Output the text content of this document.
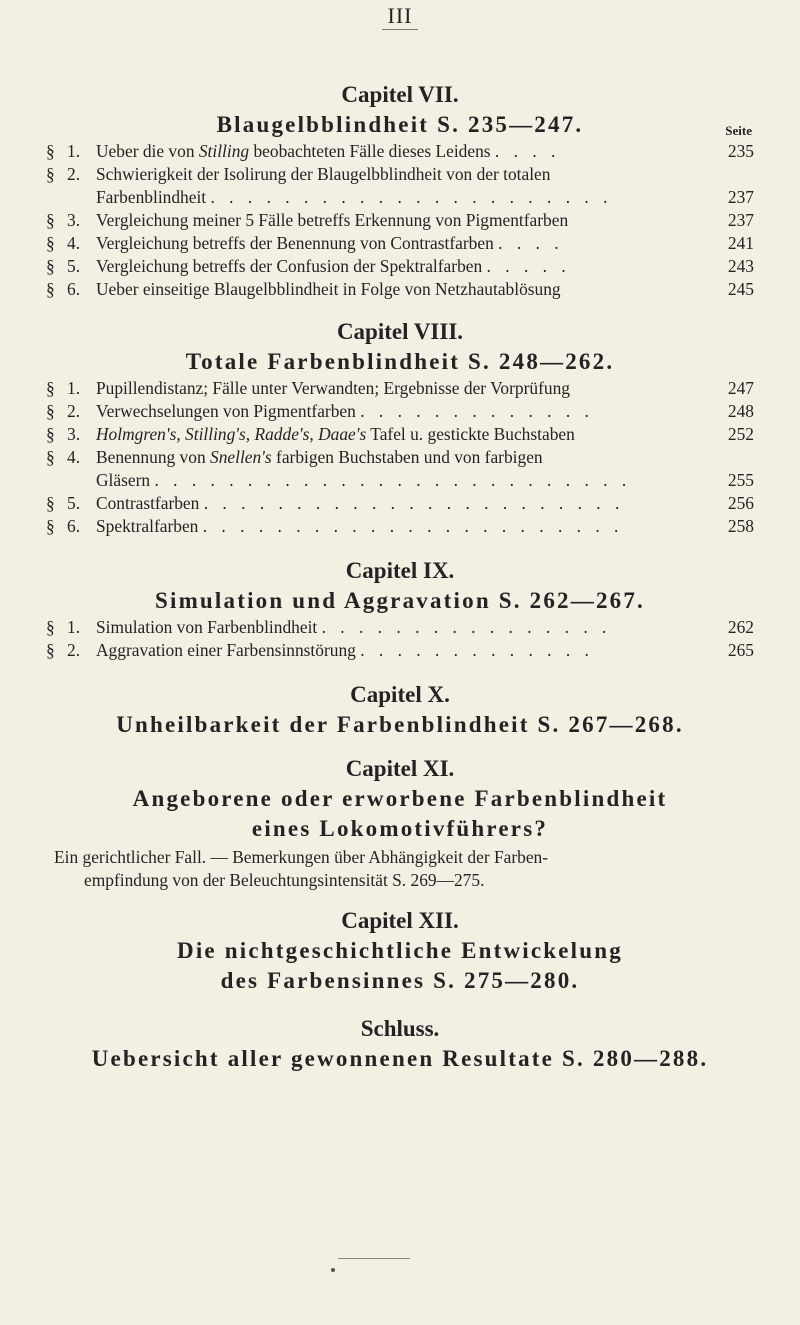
III
Capitel VII.
Blaugelbblindheit S. 235—247.	Seite
§ 1. Ueber die von Stilling beobachteten Fälle dieses Leidens . . . .	235
§ 2. Schwierigkeit der Isolirung der Blaugelbblindheit von der totalen
Farbenblindheit . . . . . . . . . . . . . . . . . . . . . .	237
§ 3. Vergleichung meiner 5 Fälle betreffs Erkennung von Pigmentfarben	237
§ 4. Vergleichung betreffs der Benennung von Contrastfarben . . . .	241
§ 5. Vergleichung betreffs der Confusion der Spektralfarben . . . . .	243
§ 6. Ueber einseitige Blaugelbblindheit in Folge von Netzhautablösung	245
Capitel VIII.
Totale Farbenblindheit S. 248—262.
§ 1. Pupillendistanz; Fälle unter Verwandten; Ergebnisse der Vorprüfung	247
§ 2. Verwechselungen von Pigmentfarben . . . . . . . . . . . . .	248
§ 3. Holmgren's, Stilling's, Radde's, Daae's Tafel u. gestickte Buchstaben	252
§ 4. Benennung von Snellen's farbigen Buchstaben und von farbigen
Gläsern . . . . . . . . . . . . . . . . . . . . . . . . . .	255
§ 5. Contrastfarben . . . . . . . . . . . . . . . . . . . . . . .	256
§ 6. Spektralfarben . . . . . . . . . . . . . . . . . . . . . . .	258
Capitel IX.
Simulation und Aggravation S. 262—267.
§ 1. Simulation von Farbenblindheit . . . . . . . . . . . . . . . .	262
§ 2. Aggravation einer Farbensinnstörung . . . . . . . . . . . . .	265
Capitel X.
Unheilbarkeit der Farbenblindheit S. 267—268.
Capitel XI.
Angeborene oder erworbene Farbenblindheit
eines Lokomotivführers?

Ein gerichtlicher Fall. — Bemerkungen über Abhängigkeit der Farben-
empfindung von der Beleuchtungsintensität S. 269—275.

Capitel XII.
Die nichtgeschichtliche Entwickelung
des Farbensinnes S. 275—280.
Schluss.
Uebersicht aller gewonnenen Resultate S. 280—288.
